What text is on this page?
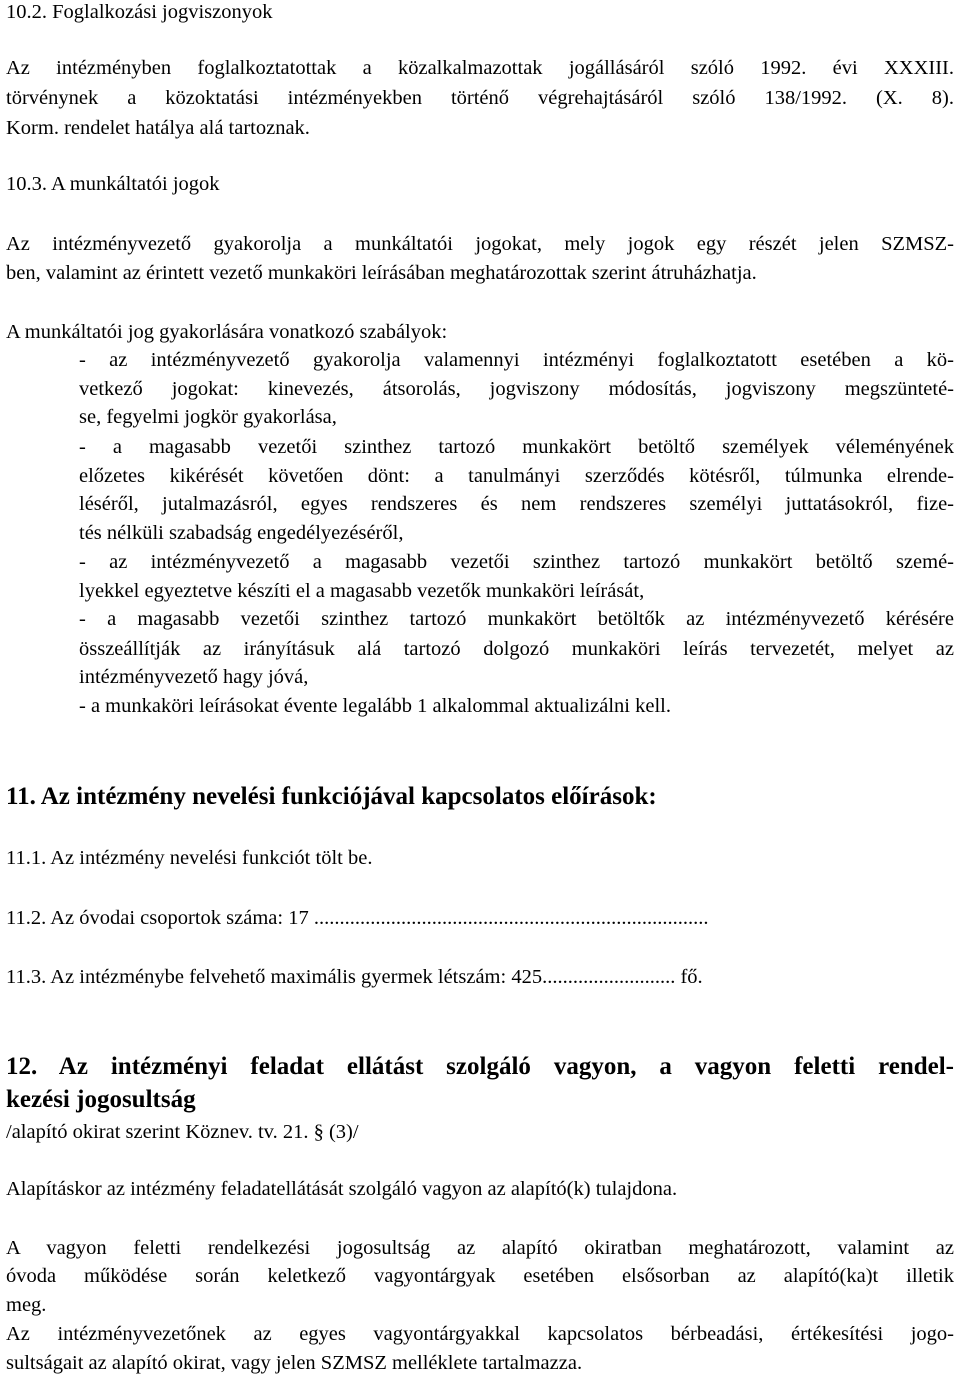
10.2. Foglalkozási jogviszonyok

Az intézményben foglalkoztatottak a közalkalmazottak jogállásáról szóló 1992. évi XXXIII.

törvénynek a közoktatási intézményekben történő végrehajtásáról szóló 138/1992. (X. 8).

Korm. rendelet hatálya alá tartoznak.

10.3. A munkáltatói jogok

Az intézményvezető gyakorolja a munkáltatói jogokat, mely jogok egy részét jelen SZMSZ-

ben, valamint az érintett vezető munkaköri leírásában meghatározottak szerint átruházhatja.

A munkáltatói jog gyakorlására vonatkozó szabályok:

- az intézményvezető gyakorolja valamennyi intézményi foglalkoztatott esetében a kö-

vetkező jogokat: kinevezés, átsorolás, jogviszony módosítás, jogviszony megszünteté-

se, fegyelmi jogkör gyakorlása,

- a magasabb vezetői szinthez tartozó munkakört betöltő személyek véleményének

előzetes kikérését követően dönt: a tanulmányi szerződés kötésről, túlmunka elrende-

léséről, jutalmazásról, egyes rendszeres és nem rendszeres személyi juttatásokról, fize-

tés nélküli szabadság engedélyezéséről,

- az intézményvezető a magasabb vezetői szinthez tartozó munkakört betöltő szemé-

lyekkel egyeztetve készíti el a magasabb vezetők munkaköri leírását,

- a magasabb vezetői szinthez tartozó munkakört betöltők az intézményvezető kérésére

összeállítják az irányításuk alá tartozó dolgozó munkaköri leírás tervezetét, melyet az

intézményvezető hagy jóvá,

- a munkaköri leírásokat évente legalább 1 alkalommal aktualizálni kell.

11. Az intézmény nevelési funkciójával kapcsolatos előírások:

11.1. Az intézmény nevelési funkciót tölt be.

11.2. Az óvodai csoportok száma: 17 .............................................................................

11.3. Az intézménybe felvehető maximális gyermek létszám: 425.......................... fő.

12. Az intézményi feladat ellátást szolgáló vagyon, a vagyon feletti rendel-

kezési jogosultság

/alapító okirat szerint Köznev. tv. 21. § (3)/

Alapításkor az intézmény feladatellátását szolgáló vagyon az alapító(k) tulajdona.

A vagyon feletti rendelkezési jogosultság az alapító okiratban meghatározott, valamint az

óvoda működése során keletkező vagyontárgyak esetében elsősorban az alapító(ka)t illetik

meg.

Az intézményvezetőnek az egyes vagyontárgyakkal kapcsolatos bérbeadási, értékesítési jogo-

sultságait az alapító okirat, vagy jelen SZMSZ melléklete tartalmazza.
